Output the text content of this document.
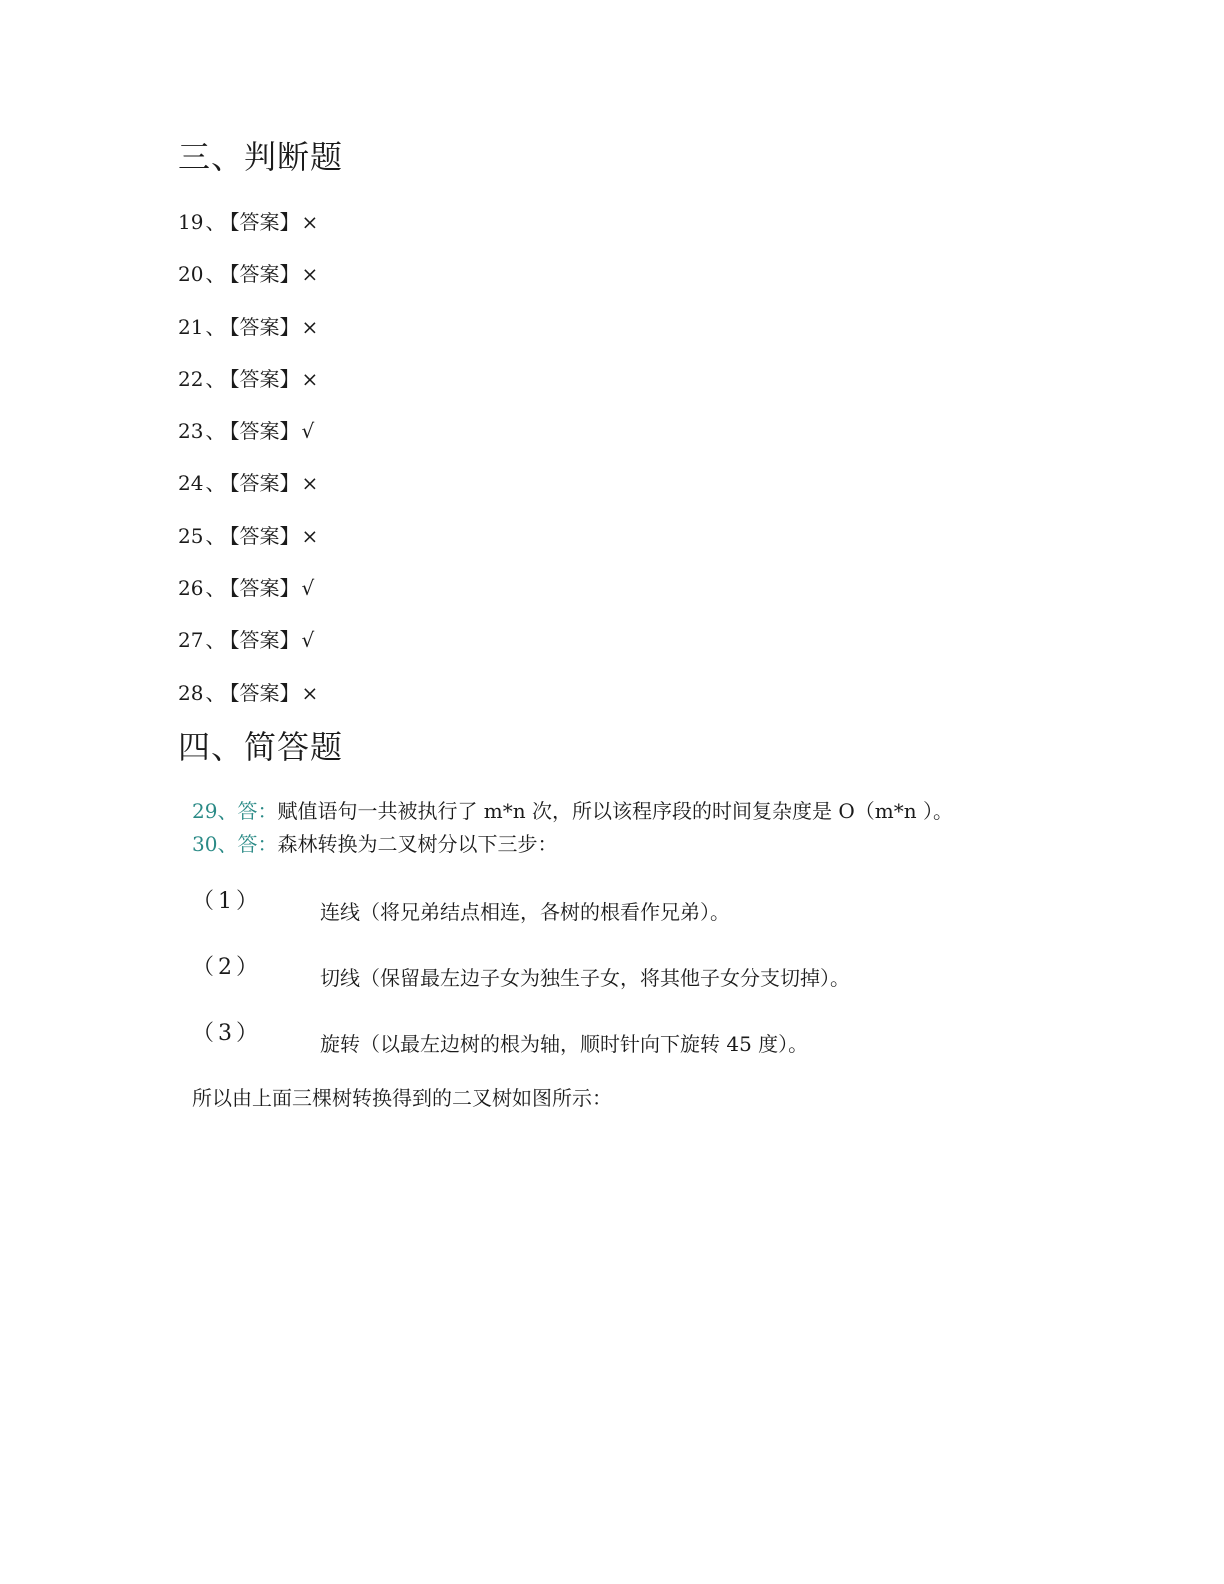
三、判断题
19 、 【答案】 ×
20 、 【答案】 ×
21 、 【答案】 ×
22 、 【答案】 ×
23 、 【答案】 √
24 、 【答案】 ×
25 、 【答案】 ×
26 、 【答案】 √
27 、 【答案】 √
28 、 【答案】 ×
四、简答题
29、答：赋值语句一共被执行了 m*n 次，所以该程序段的时间复杂度是 O（m*n ）。
30、答：森林转换为二叉树分以下三步：
（1）	连线（将兄弟结点相连，各树的根看作兄弟）。
（2）	切线（保留最左边子女为独生子女，将其他子女分支切掉）。
（3）	旋转（以最左边树的根为轴，顺时针向下旋转 45 度）。
所以由上面三棵树转换得到的二叉树如图所示：
